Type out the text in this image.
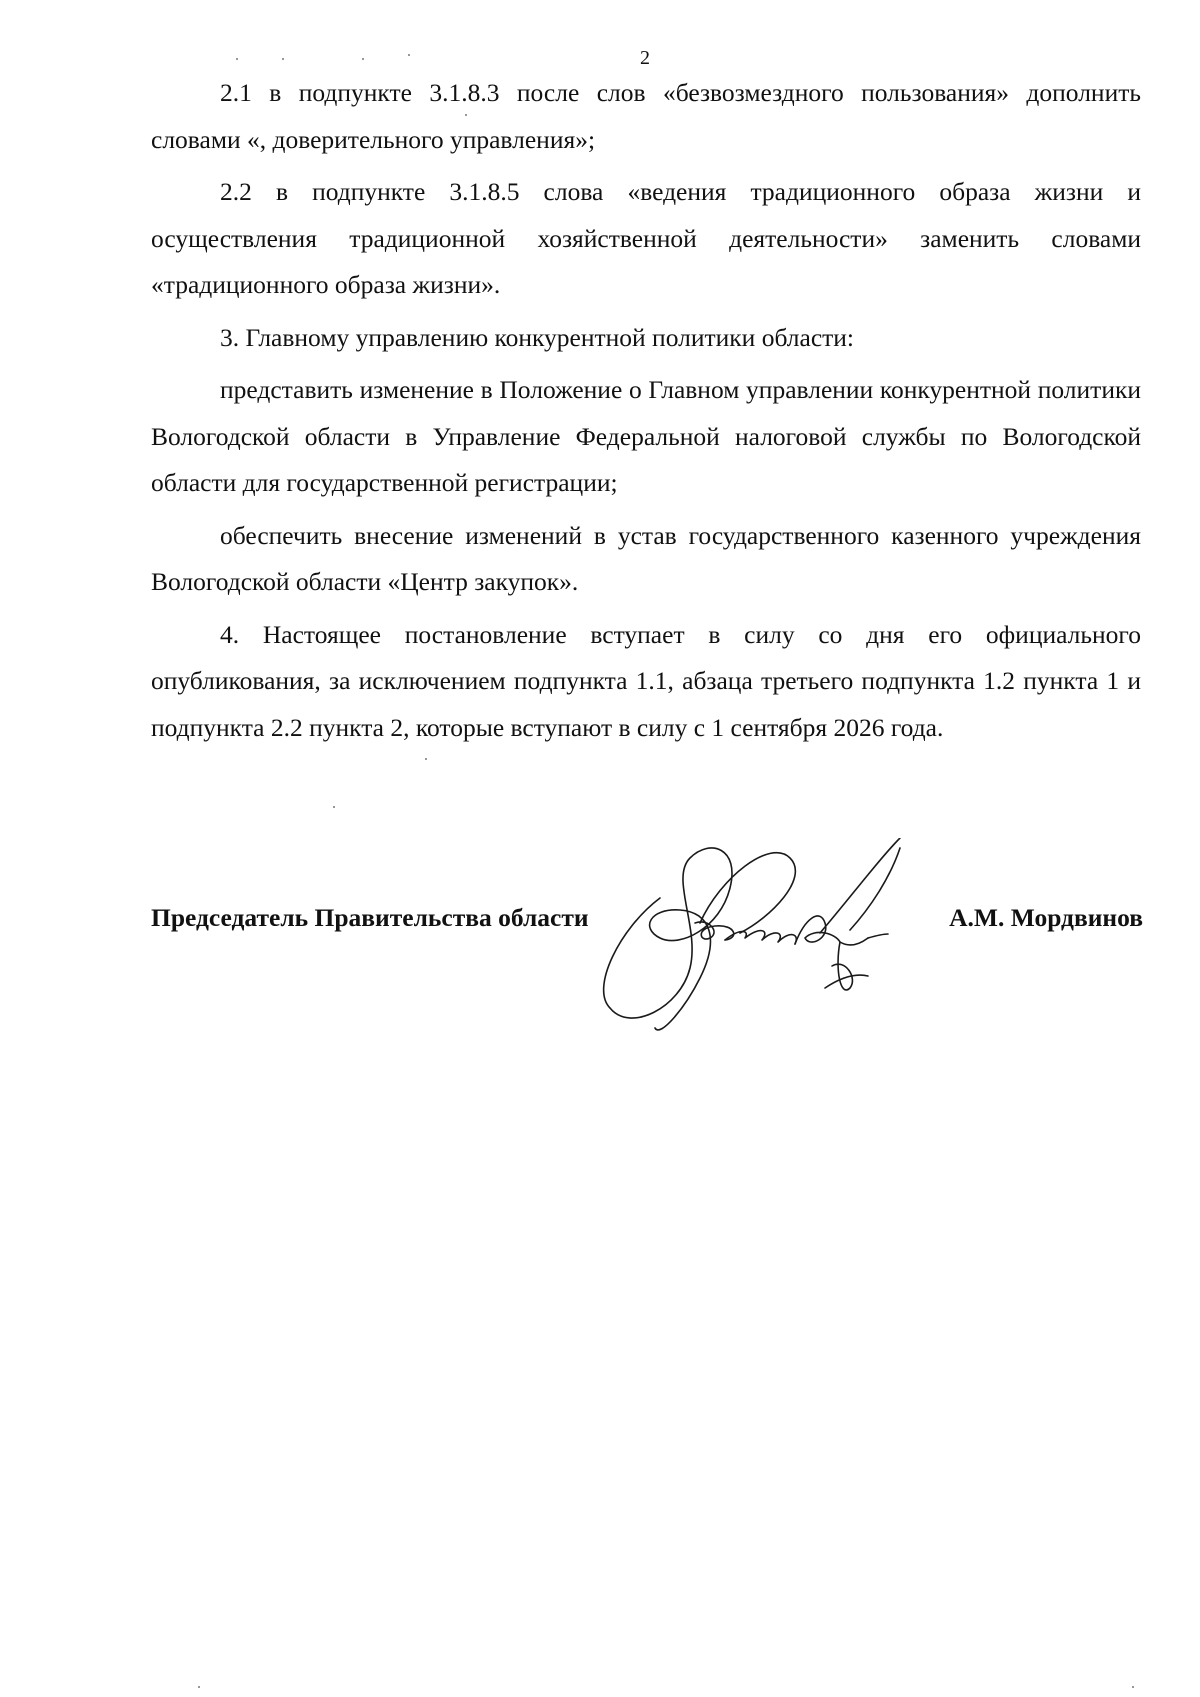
2

2.1 в подпункте 3.1.8.3 после слов «безвозмездного пользования» дополнить словами «, доверительного управления»;

2.2 в подпункте 3.1.8.5 слова «ведения традиционного образа жизни и осуществления традиционной хозяйственной деятельности» заменить словами «традиционного образа жизни».

3. Главному управлению конкурентной политики области:

представить изменение в Положение о Главном управлении конкурентной политики Вологодской области в Управление Федеральной налоговой службы по Вологодской области для государственной регистрации;

обеспечить внесение изменений в устав государственного казенного учреждения Вологодской области «Центр закупок».

4. Настоящее постановление вступает в силу со дня его официального опубликования, за исключением подпункта 1.1, абзаца третьего подпункта 1.2 пункта 1 и подпункта 2.2 пункта 2, которые вступают в силу с 1 сентября 2026 года.

Председатель Правительства области	А.М. Мордвинов
